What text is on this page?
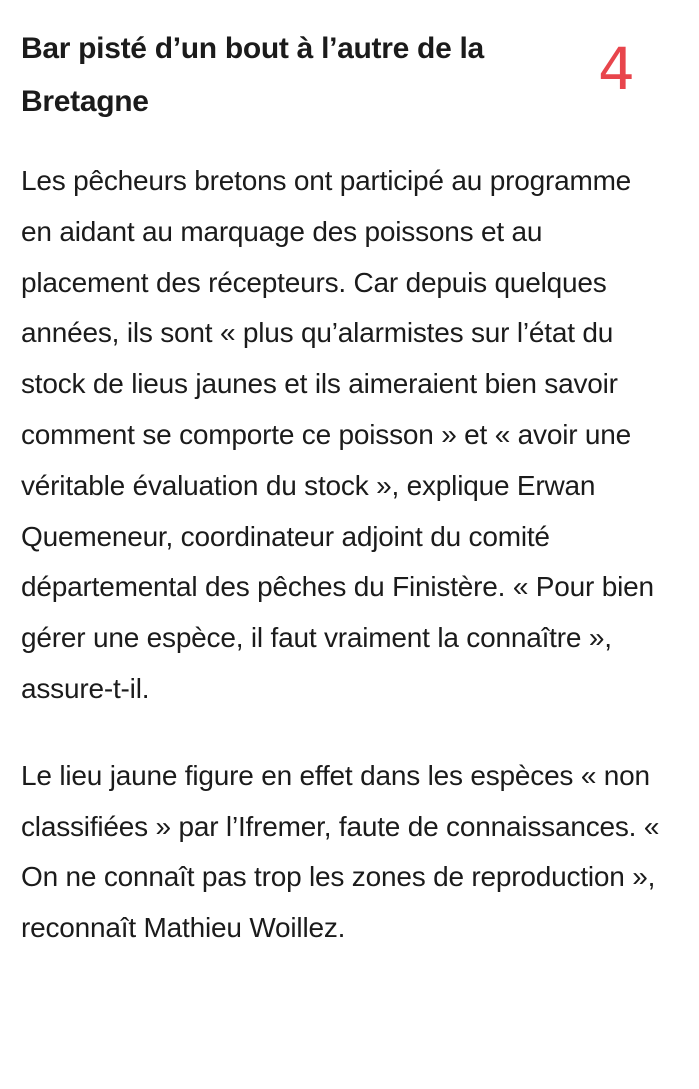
Bar pisté d’un bout à l’autre de la Bretagne

Les pêcheurs bretons ont participé au programme en aidant au marquage des poissons et au placement des récepteurs. Car depuis quelques années, ils sont « plus qu’alarmistes sur l’état du stock de lieus jaunes et ils aimeraient bien savoir comment se comporte ce poisson » et « avoir une véritable évaluation du stock », explique Erwan Quemeneur, coordinateur adjoint du comité départemental des pêches du Finistère. « Pour bien gérer une espèce, il faut vraiment la connaître », assure-t-il.

Le lieu jaune figure en effet dans les espèces « non classifiées » par l’Ifremer, faute de connaissances. « On ne connaît pas trop les zones de reproduction », reconnaît Mathieu Woillez.

4
